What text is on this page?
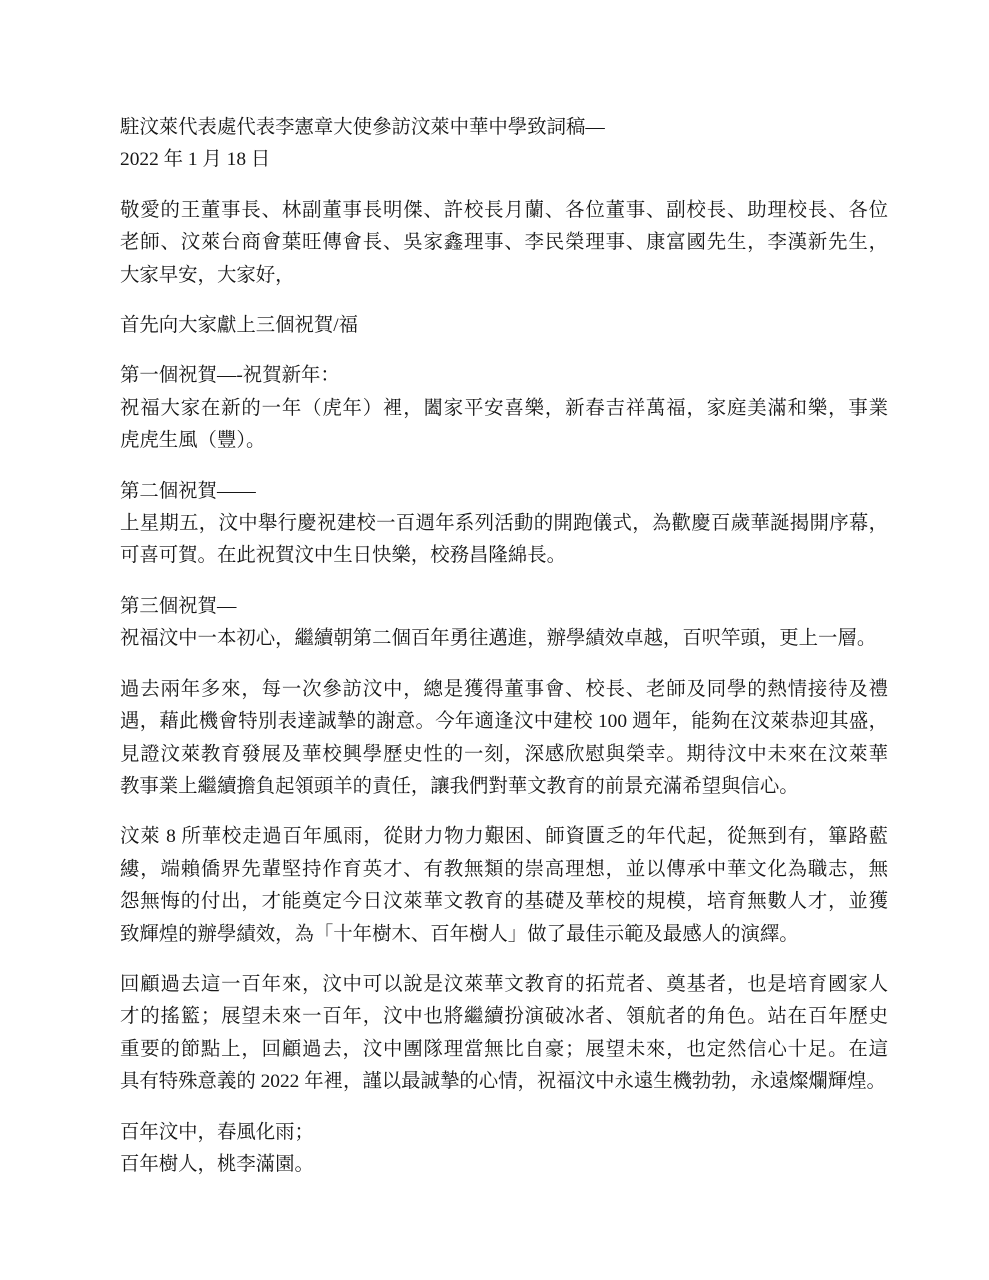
駐汶萊代表處代表李憲章大使參訪汶萊中華中學致詞稿—
2022 年 1 月 18 日

敬愛的王董事長、林副董事長明傑、許校長月蘭、各位董事、副校長、助理校長、各位
老師、汶萊台商會葉旺傳會長、吳家鑫理事、李民榮理事、康富國先生，李漢新先生，
大家早安，大家好，

首先向大家獻上三個祝賀/福

第一個祝賀—-祝賀新年：
祝福大家在新的一年（虎年）裡，闔家平安喜樂，新春吉祥萬福，家庭美滿和樂，事業
虎虎生風（豐）。

第二個祝賀——
上星期五，汶中舉行慶祝建校一百週年系列活動的開跑儀式，為歡慶百歲華誕揭開序幕，
可喜可賀。在此祝賀汶中生日快樂，校務昌隆綿長。

第三個祝賀—
祝福汶中一本初心，繼續朝第二個百年勇往邁進，辦學績效卓越，百呎竿頭，更上一層。

過去兩年多來，每一次參訪汶中，總是獲得董事會、校長、老師及同學的熱情接待及禮
遇，藉此機會特別表達誠摯的謝意。今年適逢汶中建校 100 週年，能夠在汶萊恭迎其盛，
見證汶萊教育發展及華校興學歷史性的一刻，深感欣慰與榮幸。期待汶中未來在汶萊華
教事業上繼續擔負起領頭羊的責任，讓我們對華文教育的前景充滿希望與信心。

汶萊 8 所華校走過百年風雨，從財力物力艱困、師資匱乏的年代起，從無到有，篳路藍
縷，端賴僑界先輩堅持作育英才、有教無類的崇高理想，並以傳承中華文化為職志，無
怨無悔的付出，才能奠定今日汶萊華文教育的基礎及華校的規模，培育無數人才，並獲
致輝煌的辦學績效，為「十年樹木、百年樹人」做了最佳示範及最感人的演繹。

回顧過去這一百年來，汶中可以說是汶萊華文教育的拓荒者、奠基者，也是培育國家人
才的搖籃；展望未來一百年，汶中也將繼續扮演破冰者、領航者的角色。站在百年歷史
重要的節點上，回顧過去，汶中團隊理當無比自豪；展望未來，也定然信心十足。在這
具有特殊意義的 2022 年裡，謹以最誠摯的心情，祝福汶中永遠生機勃勃，永遠燦爛輝煌。

百年汶中，春風化雨；
百年樹人，桃李滿園。
